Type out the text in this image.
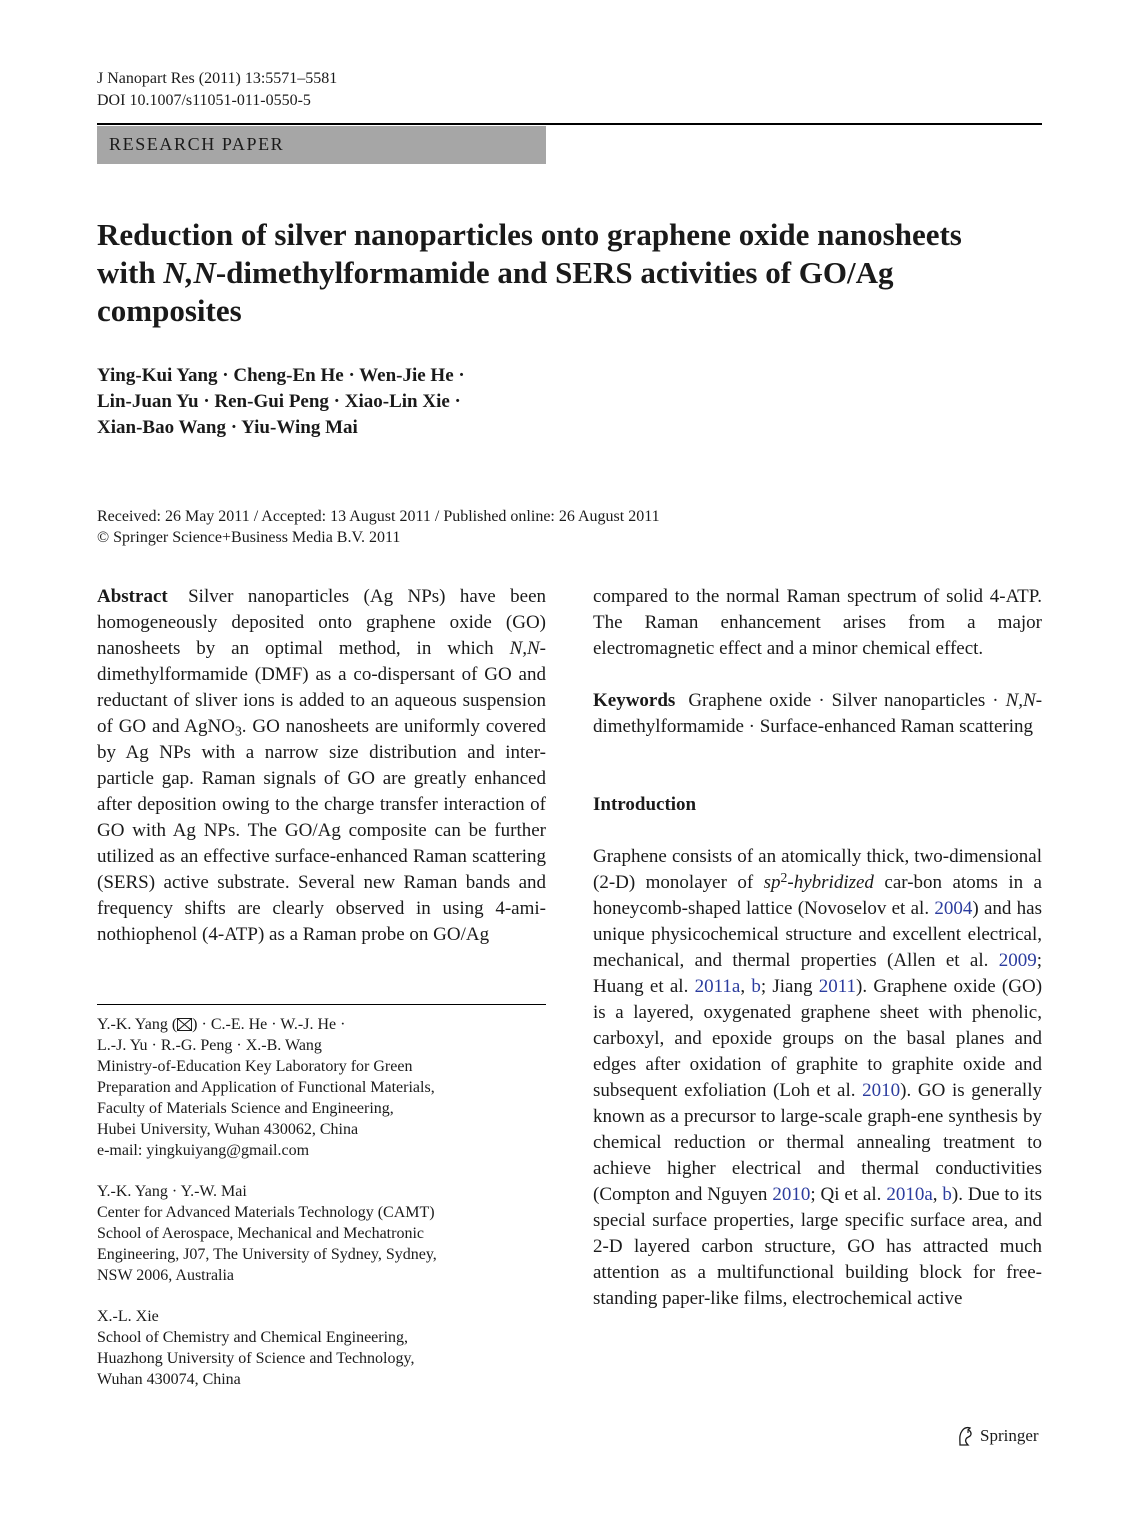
J Nanopart Res (2011) 13:5571–5581
DOI 10.1007/s11051-011-0550-5
RESEARCH PAPER
Reduction of silver nanoparticles onto graphene oxide nanosheets with N,N-dimethylformamide and SERS activities of GO/Ag composites
Ying-Kui Yang · Cheng-En He · Wen-Jie He ·
Lin-Juan Yu · Ren-Gui Peng · Xiao-Lin Xie ·
Xian-Bao Wang · Yiu-Wing Mai
Received: 26 May 2011 / Accepted: 13 August 2011 / Published online: 26 August 2011
© Springer Science+Business Media B.V. 2011
Abstract Silver nanoparticles (Ag NPs) have been homogeneously deposited onto graphene oxide (GO) nanosheets by an optimal method, in which N,N-dimethylformamide (DMF) as a co-dispersant of GO and reductant of sliver ions is added to an aqueous suspension of GO and AgNO$_3$. GO nanosheets are uniformly covered by Ag NPs with a narrow size distribution and inter-particle gap. Raman signals of GO are greatly enhanced after deposition owing to the charge transfer interaction of GO with Ag NPs. The GO/Ag composite can be further utilized as an effective surface-enhanced Raman scattering (SERS) active substrate. Several new Raman bands and frequency shifts are clearly observed in using 4-ami-nothiophenol (4-ATP) as a Raman probe on GO/Ag
Y.-K. Yang ( ) · C.-E. He · W.-J. He ·
L.-J. Yu · R.-G. Peng · X.-B. Wang
Ministry-of-Education Key Laboratory for Green
Preparation and Application of Functional Materials,
Faculty of Materials Science and Engineering,
Hubei University, Wuhan 430062, China
e-mail: yingkuiyang@gmail.com
Y.-K. Yang · Y.-W. Mai
Center for Advanced Materials Technology (CAMT)
School of Aerospace, Mechanical and Mechatronic
Engineering, J07, The University of Sydney, Sydney,
NSW 2006, Australia
X.-L. Xie
School of Chemistry and Chemical Engineering,
Huazhong University of Science and Technology,
Wuhan 430074, China
compared to the normal Raman spectrum of solid 4-ATP. The Raman enhancement arises from a major electromagnetic effect and a minor chemical effect.
Keywords Graphene oxide · Silver nanoparticles · N,N-dimethylformamide · Surface-enhanced Raman scattering
Introduction
Graphene consists of an atomically thick, two-dimensional (2-D) monolayer of $sp^2$-hybridized car-bon atoms in a honeycomb-shaped lattice (Novoselov et al. 2004) and has unique physicochemical structure and excellent electrical, mechanical, and thermal properties (Allen et al. 2009; Huang et al. 2011a, b; Jiang 2011). Graphene oxide (GO) is a layered, oxygenated graphene sheet with phenolic, carboxyl, and epoxide groups on the basal planes and edges after oxidation of graphite to graphite oxide and subsequent exfoliation (Loh et al. 2010). GO is generally known as a precursor to large-scale graph-ene synthesis by chemical reduction or thermal annealing treatment to achieve higher electrical and thermal conductivities (Compton and Nguyen 2010; Qi et al. 2010a, b). Due to its special surface properties, large specific surface area, and 2-D layered carbon structure, GO has attracted much attention as a multifunctional building block for free-standing paper-like films, electrochemical active
Springer
